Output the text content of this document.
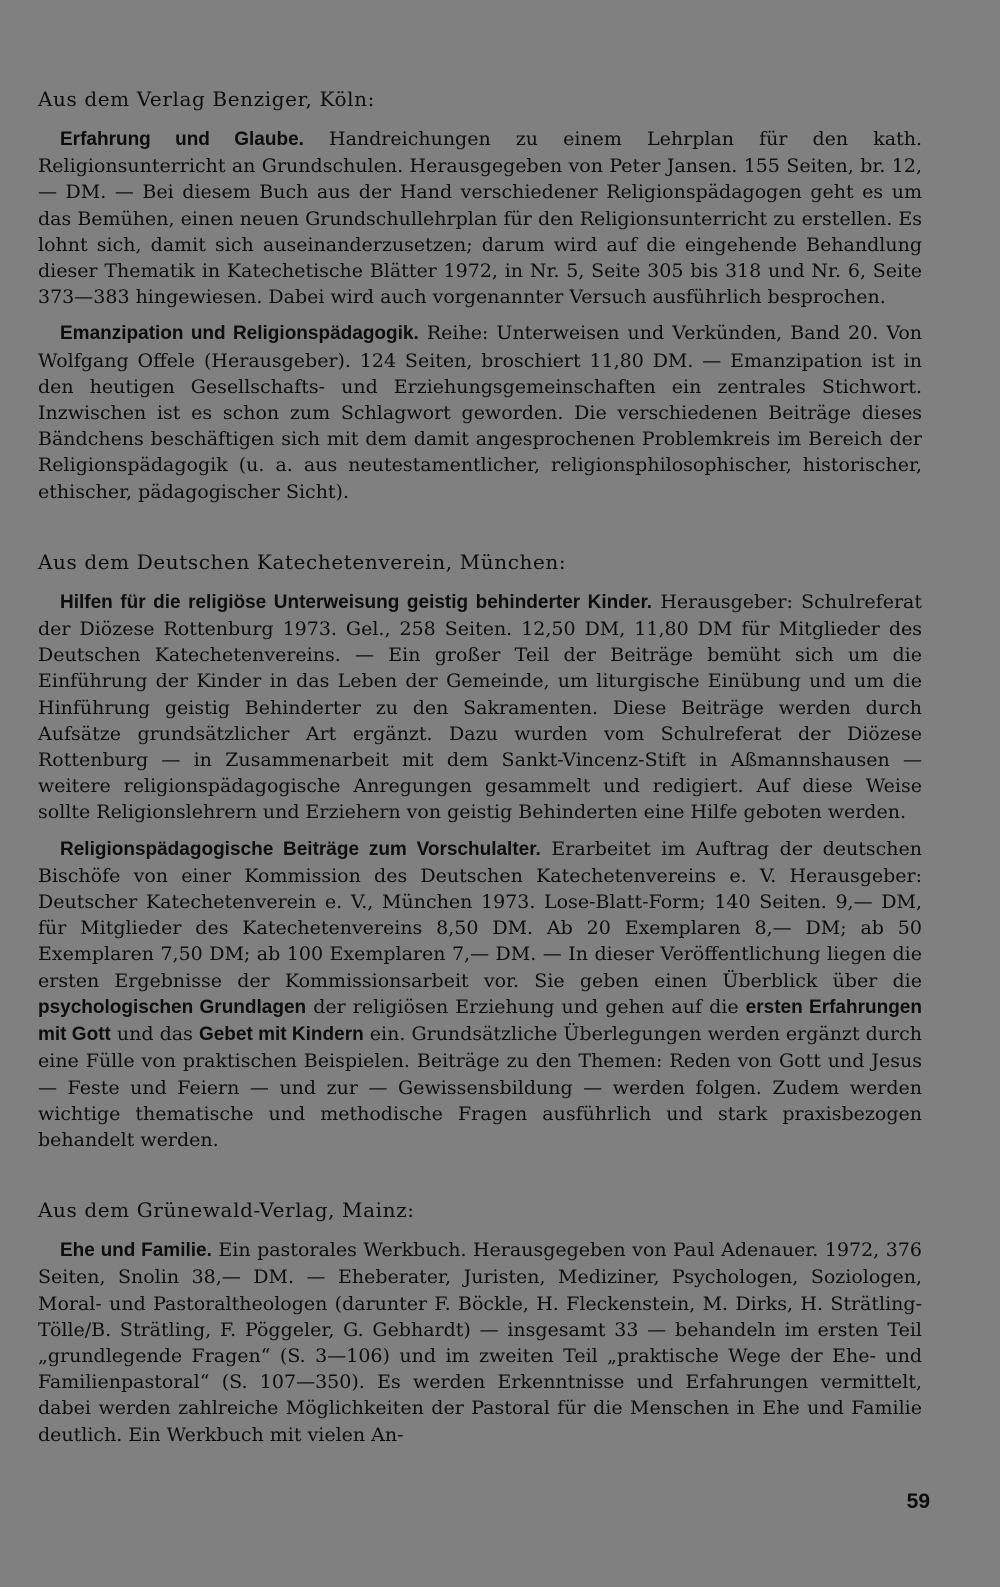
Aus dem Verlag Benziger, Köln:

Erfahrung und Glaube. Handreichungen zu einem Lehrplan für den kath. Religionsunterricht an Grundschulen. Herausgegeben von Peter Jansen. 155 Seiten, br. 12,— DM. — Bei diesem Buch aus der Hand verschiedener Religionspädagogen geht es um das Bemühen, einen neuen Grundschullehrplan für den Religionsunterricht zu erstellen. Es lohnt sich, damit sich auseinanderzusetzen; darum wird auf die eingehende Behandlung dieser Thematik in Katechetische Blätter 1972, in Nr. 5, Seite 305 bis 318 und Nr. 6, Seite 373—383 hingewiesen. Dabei wird auch vorgenannter Versuch ausführlich besprochen.

Emanzipation und Religionspädagogik. Reihe: Unterweisen und Verkünden, Band 20. Von Wolfgang Offele (Herausgeber). 124 Seiten, broschiert 11,80 DM. — Emanzipation ist in den heutigen Gesellschafts- und Erziehungsgemeinschaften ein zentrales Stichwort. Inzwischen ist es schon zum Schlagwort geworden. Die verschiedenen Beiträge dieses Bändchens beschäftigen sich mit dem damit angesprochenen Problemkreis im Bereich der Religionspädagogik (u. a. aus neutestamentlicher, religionsphilosophischer, historischer, ethischer, pädagogischer Sicht).

Aus dem Deutschen Katechetenverein, München:

Hilfen für die religiöse Unterweisung geistig behinderter Kinder. Herausgeber: Schulreferat der Diözese Rottenburg 1973. Gel., 258 Seiten. 12,50 DM, 11,80 DM für Mitglieder des Deutschen Katechetenvereins. — Ein großer Teil der Beiträge bemüht sich um die Einführung der Kinder in das Leben der Gemeinde, um liturgische Einübung und um die Hinführung geistig Behinderter zu den Sakramenten. Diese Beiträge werden durch Aufsätze grundsätzlicher Art ergänzt. Dazu wurden vom Schulreferat der Diözese Rottenburg — in Zusammenarbeit mit dem Sankt-Vincenz-Stift in Aßmannshausen — weitere religionspädagogische Anregungen gesammelt und redigiert. Auf diese Weise sollte Religionslehrern und Erziehern von geistig Behinderten eine Hilfe geboten werden.

Religionspädagogische Beiträge zum Vorschulalter. Erarbeitet im Auftrag der deutschen Bischöfe von einer Kommission des Deutschen Katechetenvereins e. V. Herausgeber: Deutscher Katechetenverein e. V., München 1973. Lose-Blatt-Form; 140 Seiten. 9,— DM, für Mitglieder des Katechetenvereins 8,50 DM. Ab 20 Exemplaren 8,— DM; ab 50 Exemplaren 7,50 DM; ab 100 Exemplaren 7,— DM. — In dieser Veröffentlichung liegen die ersten Ergebnisse der Kommissionsarbeit vor. Sie geben einen Überblick über die psychologischen Grundlagen der religiösen Erziehung und gehen auf die ersten Erfahrungen mit Gott und das Gebet mit Kindern ein. Grundsätzliche Überlegungen werden ergänzt durch eine Fülle von praktischen Beispielen. Beiträge zu den Themen: Reden von Gott und Jesus — Feste und Feiern — und zur — Gewissensbildung — werden folgen. Zudem werden wichtige thematische und methodische Fragen ausführlich und stark praxisbezogen behandelt werden.

Aus dem Grünewald-Verlag, Mainz:

Ehe und Familie. Ein pastorales Werkbuch. Herausgegeben von Paul Adenauer. 1972, 376 Seiten, Snolin 38,— DM. — Eheberater, Juristen, Mediziner, Psychologen, Soziologen, Moral- und Pastoraltheologen (darunter F. Böckle, H. Fleckenstein, M. Dirks, H. Strätling-Tölle/B. Strätling, F. Pöggeler, G. Gebhardt) — insgesamt 33 — behandeln im ersten Teil „grundlegende Fragen“ (S. 3—106) und im zweiten Teil „praktische Wege der Ehe- und Familienpastoral“ (S. 107—350). Es werden Erkenntnisse und Erfahrungen vermittelt, dabei werden zahlreiche Möglichkeiten der Pastoral für die Menschen in Ehe und Familie deutlich. Ein Werkbuch mit vielen An-

59
